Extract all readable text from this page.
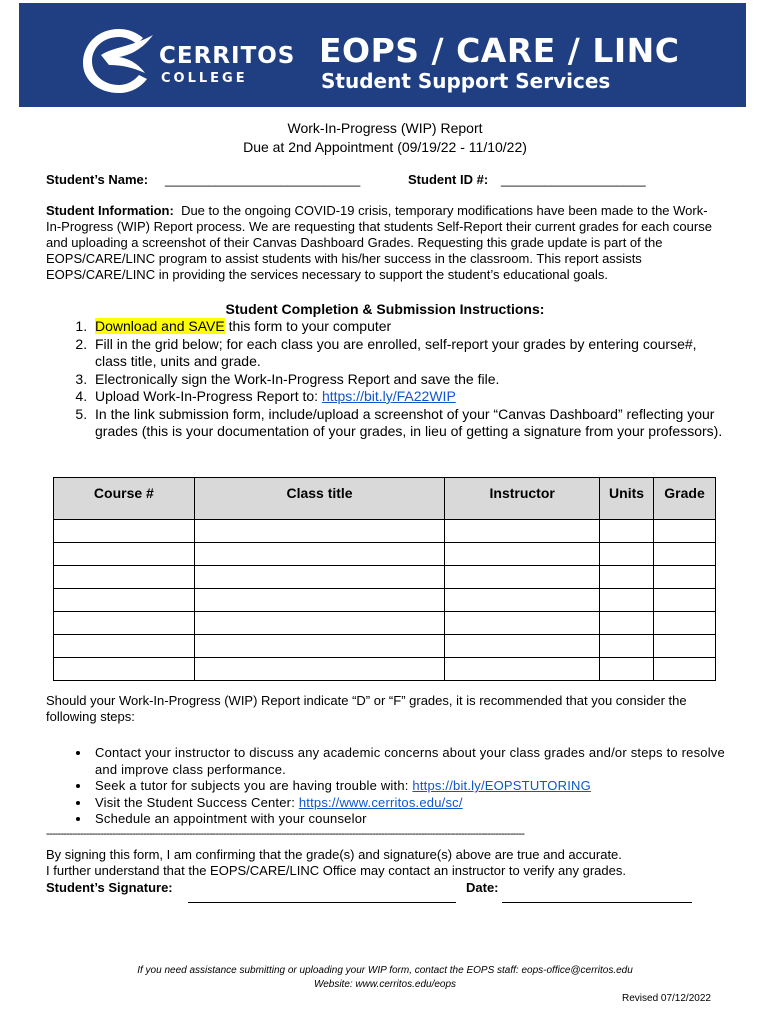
CERRITOS
COLLEGE
EOPS / CARE / LINC
Student Support Services
Work-In-Progress (WIP) Report
Due at 2nd Appointment (09/19/22 - 11/10/22)
Student’s Name: ___________________________	Student ID #: ____________________
Student Information: Due to the ongoing COVID-19 crisis, temporary modifications have been made to the Work-In-Progress (WIP) Report process. We are requesting that students Self-Report their current grades for each course and uploading a screenshot of their Canvas Dashboard Grades. Requesting this grade update is part of the EOPS/CARE/LINC program to assist students with his/her success in the classroom. This report assists EOPS/CARE/LINC in providing the services necessary to support the student’s educational goals.
Student Completion & Submission Instructions:
1. Download and SAVE this form to your computer
2. Fill in the grid below; for each class you are enrolled, self-report your grades by entering course#, class title, units and grade.
3. Electronically sign the Work-In-Progress Report and save the file.
4. Upload Work-In-Progress Report to: https://bit.ly/FA22WIP
5. In the link submission form, include/upload a screenshot of your “Canvas Dashboard” reflecting your grades (this is your documentation of your grades, in lieu of getting a signature from your professors).
Course #	Class title	Instructor	Units	Grade

Should your Work-In-Progress (WIP) Report indicate “D” or “F” grades, it is recommended that you consider the following steps:
• Contact your instructor to discuss any academic concerns about your class grades and/or steps to resolve and improve class performance.
• Seek a tutor for subjects you are having trouble with: https://bit.ly/EOPSTUTORING
• Visit the Student Success Center: https://www.cerritos.edu/sc/
• Schedule an appointment with your counselor
-----------------------------------------------------------------------------------------------------------------------------------------------------------------------
By signing this form, I am confirming that the grade(s) and signature(s) above are true and accurate.
I further understand that the EOPS/CARE/LINC Office may contact an instructor to verify any grades.
Student’s Signature:	Date:
If you need assistance submitting or uploading your WIP form, contact the EOPS staff: eops-office@cerritos.edu
Website: www.cerritos.edu/eops
Revised 07/12/2022
